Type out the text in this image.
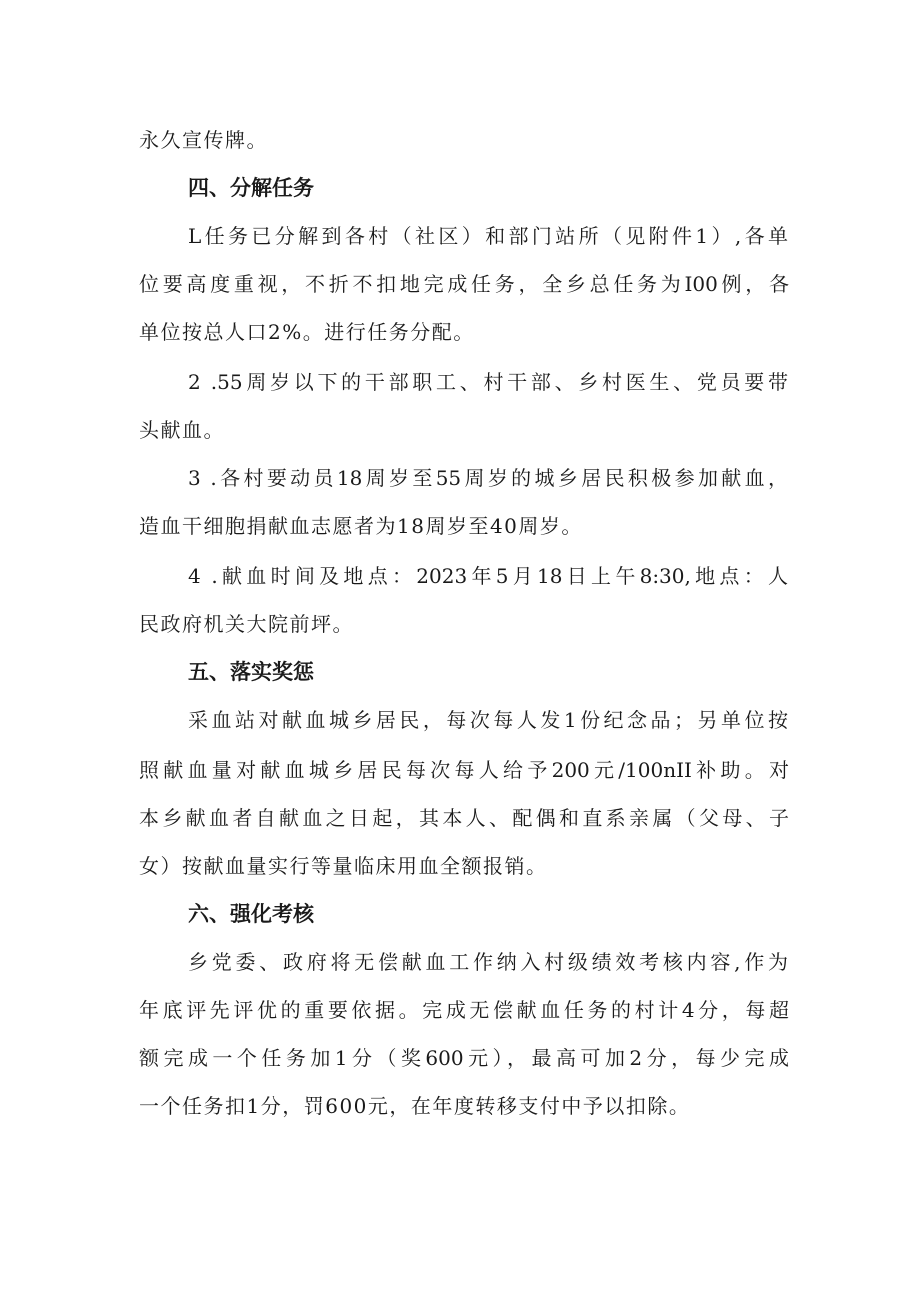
永久宣传牌。
四、分解任务
L任务已分解到各村（社区）和部门站所（见附件1）,各单
位要高度重视，不折不扣地完成任务，全乡总任务为I00例，各
单位按总人口2%。进行任务分配。
2 .55周岁以下的干部职工、村干部、乡村医生、党员要带
头献血。
3 .各村要动员18周岁至55周岁的城乡居民积极参加献血，
造血干细胞捐献血志愿者为18周岁至40周岁。
4 .献血时间及地点：2023年5月18日上午8:30,地点：人
民政府机关大院前坪。
五、落实奖惩
采血站对献血城乡居民，每次每人发1份纪念品；另单位按
照献血量对献血城乡居民每次每人给予200元/100nII补助。对
本乡献血者自献血之日起，其本人、配偶和直系亲属（父母、子
女）按献血量实行等量临床用血全额报销。
六、强化考核
乡党委、政府将无偿献血工作纳入村级绩效考核内容,作为
年底评先评优的重要依据。完成无偿献血任务的村计4分，每超
额完成一个任务加1分（奖600元），最高可加2分，每少完成
一个任务扣1分，罚600元，在年度转移支付中予以扣除。
